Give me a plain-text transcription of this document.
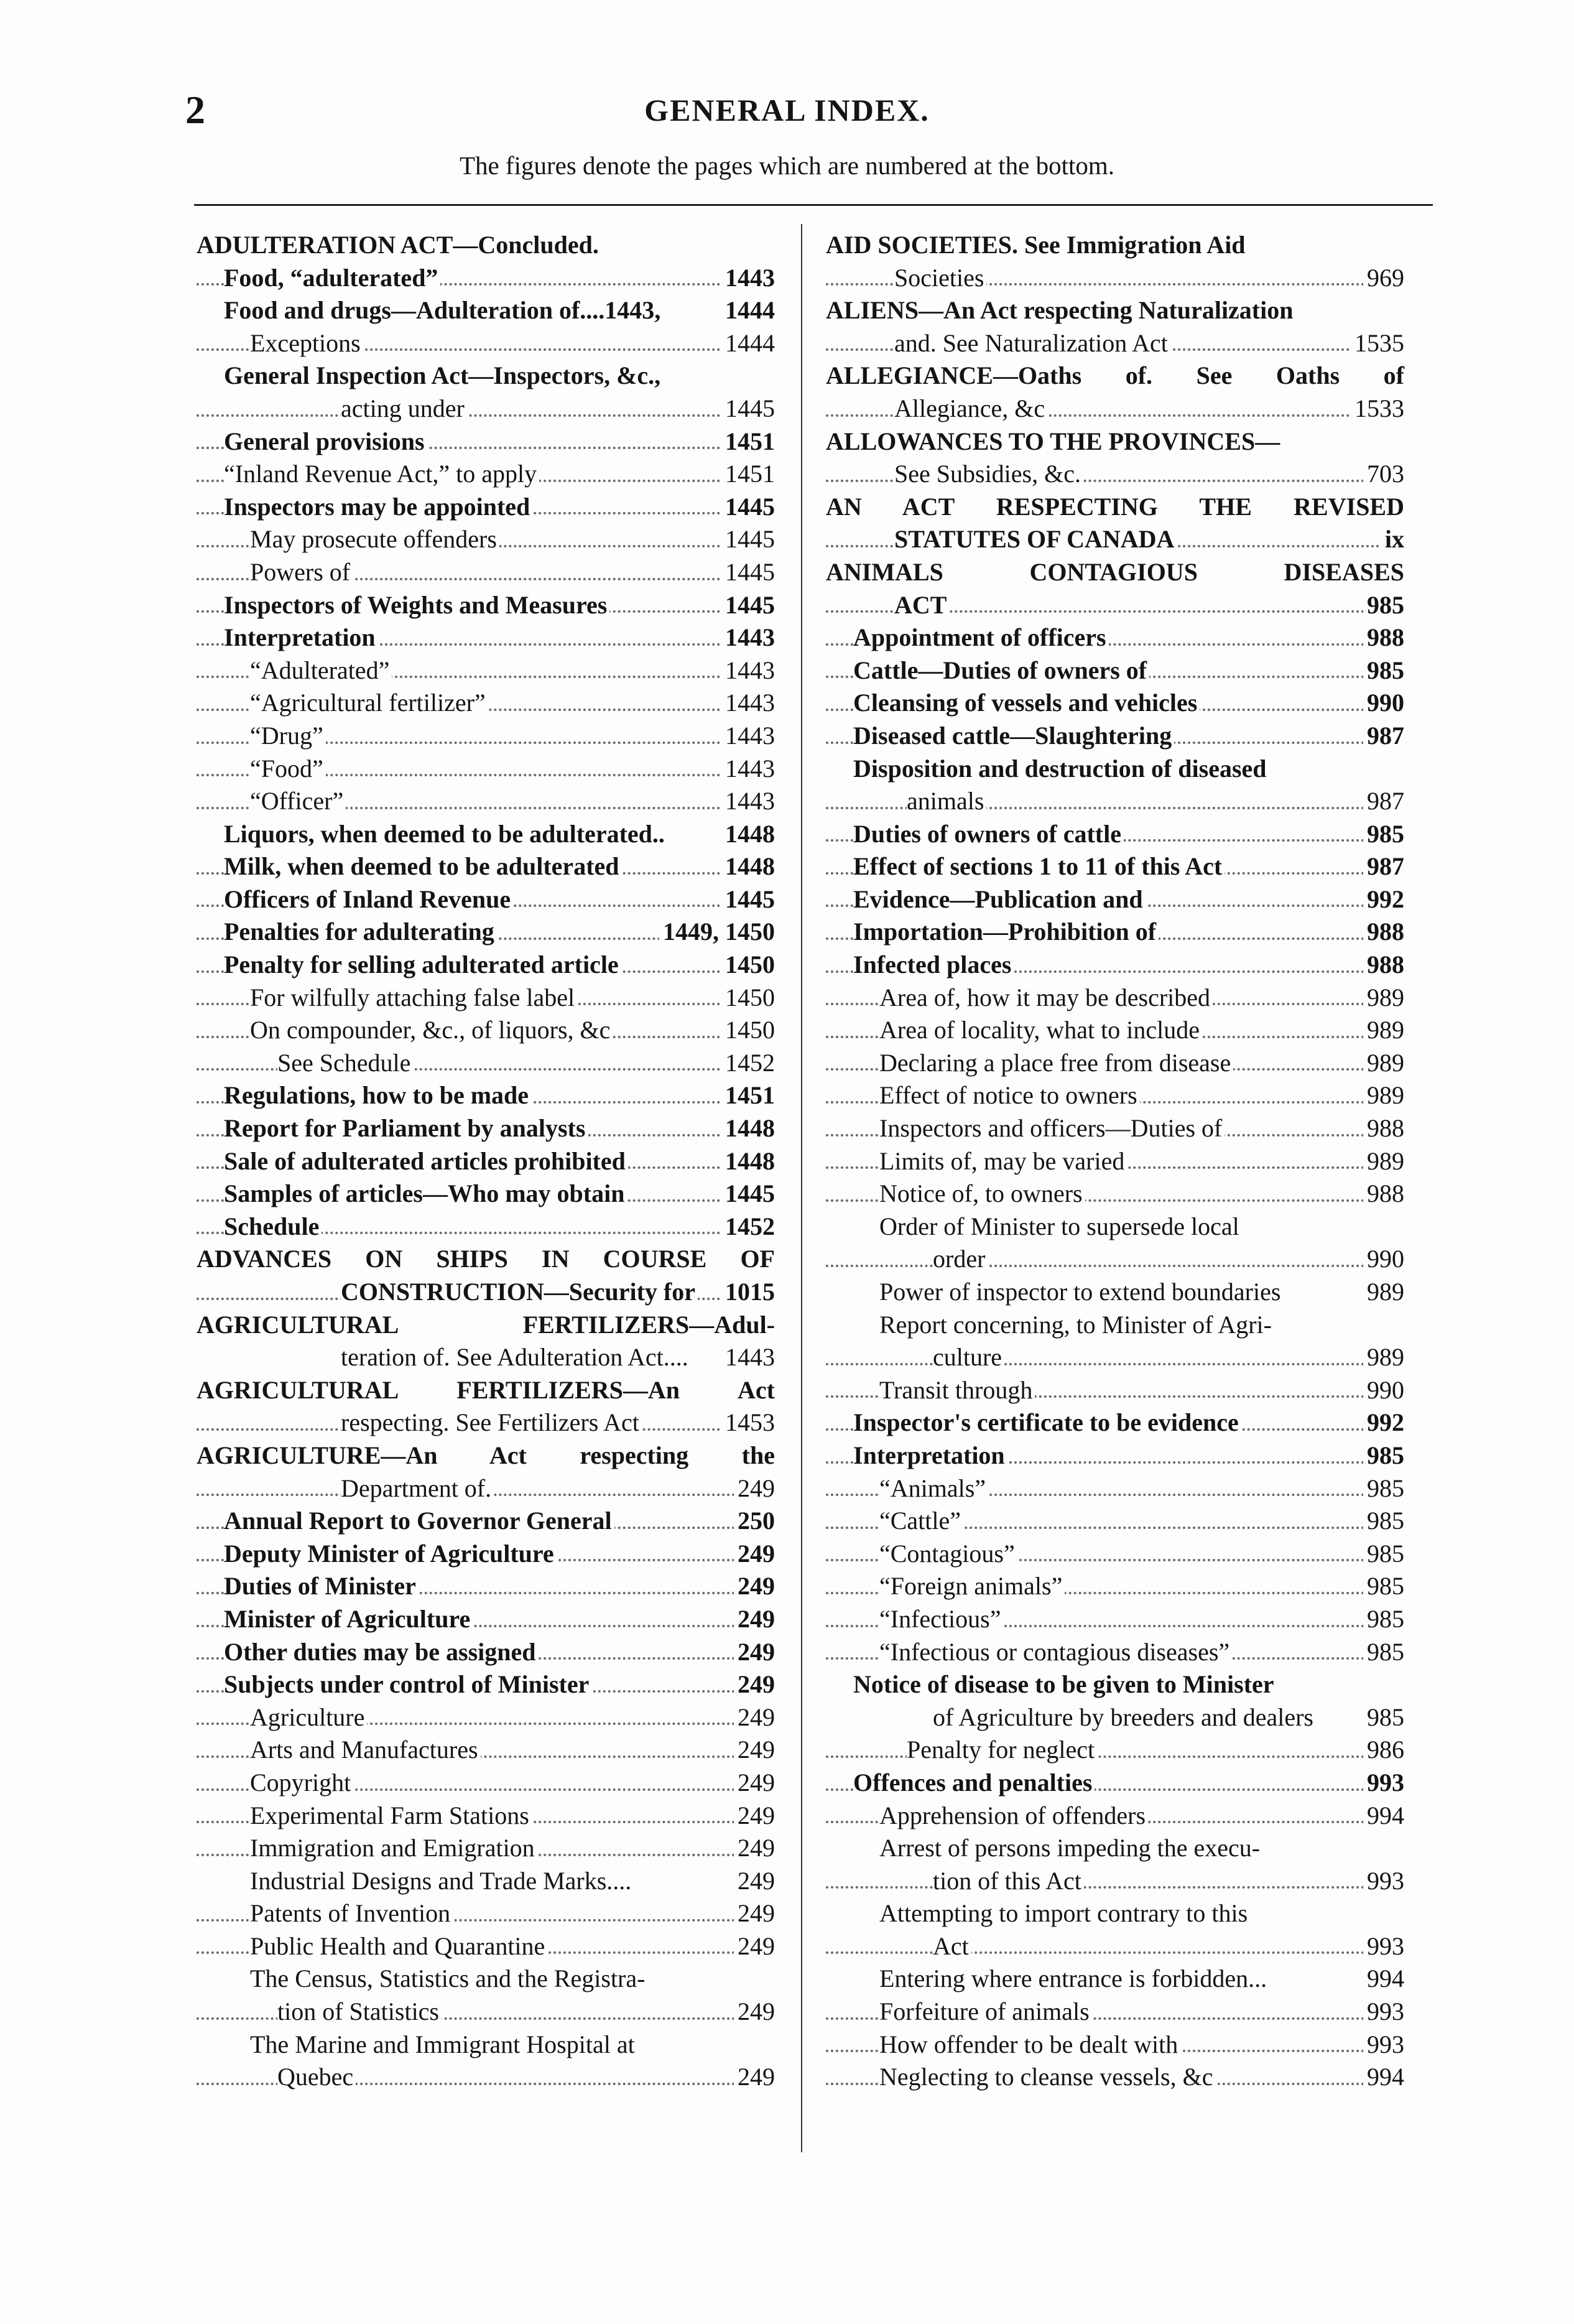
2	GENERAL INDEX.
The figures denote the pages which are numbered at the bottom.
ADULTERATION ACT—Concluded.
Food, “adulterated”	1443
Food and drugs—Adulteration of....1443,	1444
Exceptions	1444
General Inspection Act—Inspectors, &c.,
acting under	1445
General provisions	1451
“Inland Revenue Act,” to apply	1451
Inspectors may be appointed	1445
May prosecute offenders	1445
Powers of	1445
Inspectors of Weights and Measures	1445
Interpretation	1443
“Adulterated”	1443
“Agricultural fertilizer”	1443
“Drug”	1443
“Food”	1443
“Officer”	1443
Liquors, when deemed to be adulterated.. 1448
Milk, when deemed to be adulterated	1448
Officers of Inland Revenue	1445
Penalties for adulterating	1449, 1450
Penalty for selling adulterated article	1450
For wilfully attaching false label	1450
On compounder, &c., of liquors, &c	1450
See Schedule	1452
Regulations, how to be made	1451
Report for Parliament by analysts	1448
Sale of adulterated articles prohibited	1448
Samples of articles—Who may obtain	1445
Schedule	1452
ADVANCES ON SHIPS IN COURSE OF
CONSTRUCTION—Security for 1015
AGRICULTURAL FERTILIZERS—Adul-
teration of. See Adulteration Act.... 1443
AGRICULTURAL FERTILIZERS—An Act
respecting. See Fertilizers Act	1453
AGRICULTURE—An Act respecting the
Department of.	249
Annual Report to Governor General	250
Deputy Minister of Agriculture	249
Duties of Minister	249
Minister of Agriculture	249
Other duties may be assigned	249
Subjects under control of Minister	249
Agriculture	249
Arts and Manufactures	249
Copyright	249
Experimental Farm Stations	249
Immigration and Emigration	249
Industrial Designs and Trade Marks....	249
Patents of Invention	249
Public Health and Quarantine	249
The Census, Statistics and the Registra-
tion of Statistics	249
The Marine and Immigrant Hospital at
Quebec	249
AID SOCIETIES. See Immigration Aid
Societies	969
ALIENS—An Act respecting Naturalization
and. See Naturalization Act	1535
ALLEGIANCE—Oaths of. See Oaths of
Allegiance, &c	1533
ALLOWANCES TO THE PROVINCES—
See Subsidies, &c.	703
AN ACT RESPECTING THE REVISED
STATUTES OF CANADA	ix
ANIMALS CONTAGIOUS DISEASES
ACT	985
Appointment of officers	988
Cattle—Duties of owners of	985
Cleansing of vessels and vehicles	990
Diseased cattle—Slaughtering	987
Disposition and destruction of diseased
animals	987
Duties of owners of cattle	985
Effect of sections 1 to 11 of this Act	987
Evidence—Publication and	992
Importation—Prohibition of	988
Infected places	988
Area of, how it may be described	989
Area of locality, what to include	989
Declaring a place free from disease	989
Effect of notice to owners	989
Inspectors and officers—Duties of	988
Limits of, may be varied	989
Notice of, to owners	988
Order of Minister to supersede local
order	990
Power of inspector to extend boundaries	989
Report concerning, to Minister of Agri-
culture	989
Transit through	990
Inspector's certificate to be evidence	992
Interpretation	985
“Animals”	985
“Cattle”	985
“Contagious”	985
“Foreign animals”	985
“Infectious”	985
“Infectious or contagious diseases”	985
Notice of disease to be given to Minister
of Agriculture by breeders and dealers 985
Penalty for neglect	986
Offences and penalties	993
Apprehension of offenders	994
Arrest of persons impeding the execu-
tion of this Act	993
Attempting to import contrary to this
Act	993
Entering where entrance is forbidden...	994
Forfeiture of animals	993
How offender to be dealt with	993
Neglecting to cleanse vessels, &c	994
